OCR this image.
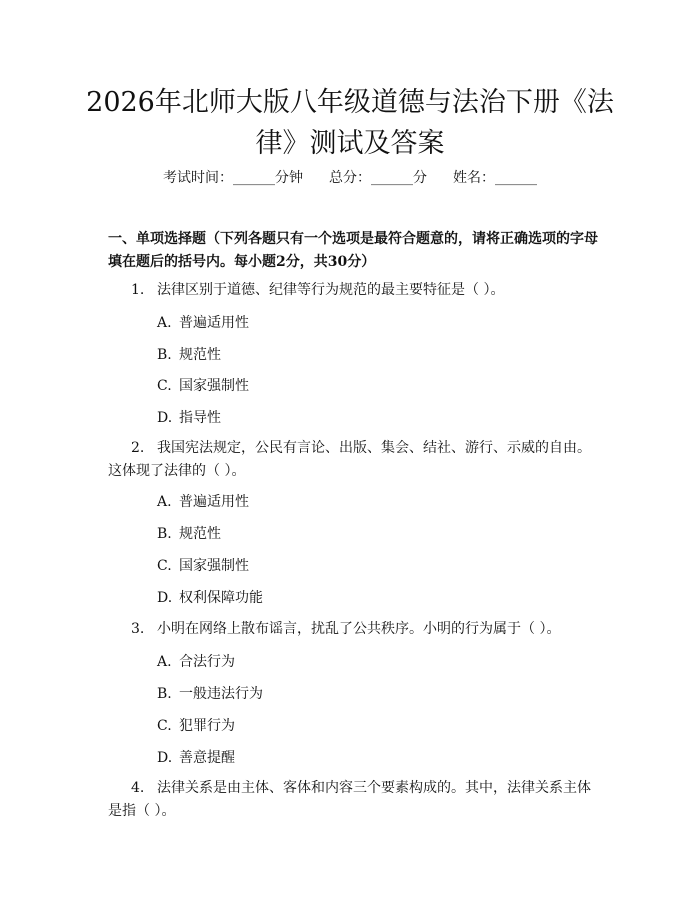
2026年北师大版八年级道德与法治下册《法律》测试及答案
考试时间：______分钟 总分：______分 姓名：______

一、单项选择题（下列各题只有一个选项是最符合题意的，请将正确选项的字母填在题后的括号内。每小题2分，共30分）

1. 法律区别于道德、纪律等行为规范的最主要特征是（ ）。

A. 普遍适用性
B. 规范性
C. 国家强制性
D. 指导性

2. 我国宪法规定，公民有言论、出版、集会、结社、游行、示威的自由。这体现了法律的（ ）。

A. 普遍适用性
B. 规范性
C. 国家强制性
D. 权利保障功能

3. 小明在网络上散布谣言，扰乱了公共秩序。小明的行为属于（ ）。

A. 合法行为
B. 一般违法行为
C. 犯罪行为
D. 善意提醒

4. 法律关系是由主体、客体和内容三个要素构成的。其中，法律关系主体是指（ ）。
